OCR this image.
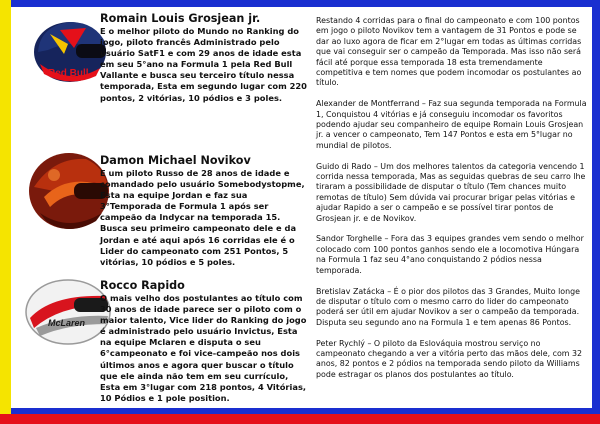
Red Bull

Romain Louis Grosjean jr.

E o melhor piloto do Mundo no Ranking do jogo, piloto francês Administrado pelo usuário SatF1 e com 29 anos de idade esta em seu 5°ano na Formula 1 pela Red Bull Vallante e busca seu terceiro título nessa temporada, Esta em segundo lugar com 220 pontos, 2 vitórias, 10 pódios e 3 poles.

Damon Michael Novikov

E um piloto Russo de 28 anos de idade e comandado pelo usuário Somebodystopme, Esta na equipe Jordan e faz sua 3°Temporada de Formula 1 após ser campeão da Indycar na temporada 15. Busca seu primeiro campeonato dele e da Jordan e até aqui após 16 corridas ele é o Lider do campeonato com 251 Pontos, 5 vitórias, 10 pódios e 5 poles.

McLaren

Rocco Rapido

O mais velho dos postulantes ao título com 30 anos de idade parece ser o piloto com o maior talento, Vice lider do Ranking do jogo é administrado pelo usuário Invictus, Esta na equipe Mclaren e disputa o seu 6°campeonato e foi vice-campeão nos dois últimos anos e agora quer buscar o título que ele ainda não tem em seu currículo, Esta em 3°lugar com 218 pontos, 4 Vitórias, 10 Pódios e 1 pole position.

Restando 4 corridas para o final do campeonato e com 100 pontos em jogo o piloto Novikov tem a vantagem de 31 Pontos e pode se dar ao luxo agora de ficar em 2°lugar em todas as últimas corridas que vai conseguir ser o campeão da Temporada. Mas isso não será fácil até porque essa temporada 18 esta tremendamente competitiva e tem nomes que podem incomodar os postulantes ao título.

Alexander de Montferrand – Faz sua segunda temporada na Formula 1, Conquistou 4 vitórias e já conseguiu incomodar os favoritos podendo ajudar seu companheiro de equipe Romain Louis Grosjean jr. a vencer o campeonato, Tem 147 Pontos e esta em 5°lugar no mundial de pilotos.

Guido di Rado – Um dos melhores talentos da categoria vencendo 1 corrida nessa temporada, Mas as seguidas quebras de seu carro lhe tiraram a possibilidade de disputar o título (Tem chances muito remotas de título) Sem dúvida vai procurar brigar pelas vitórias e ajudar Rapido a ser o campeão e se possível tirar pontos de Grosjean jr. e de Novikov.

Sandor Torghelle – Fora das 3 equipes grandes vem sendo o melhor colocado com 100 pontos ganhos sendo ele a locomotiva Húngara na Formula 1 faz seu 4°ano conquistando 2 pódios nessa temporada.

Bretislav Zatácka – É o pior dos pilotos das 3 Grandes, Muito longe de disputar o título com o mesmo carro do lider do campeonato poderá ser útil em ajudar Novikov a ser o campeão da temporada. Disputa seu segundo ano na Formula 1 e tem apenas 86 Pontos.

Peter Rychlý – O piloto da Eslováquia mostrou serviço no campeonato chegando a ver a vitória perto das mãos dele, com 32 anos, 82 pontos e 2 pódios na temporada sendo piloto da Williams pode estragar os planos dos postulantes ao título.
